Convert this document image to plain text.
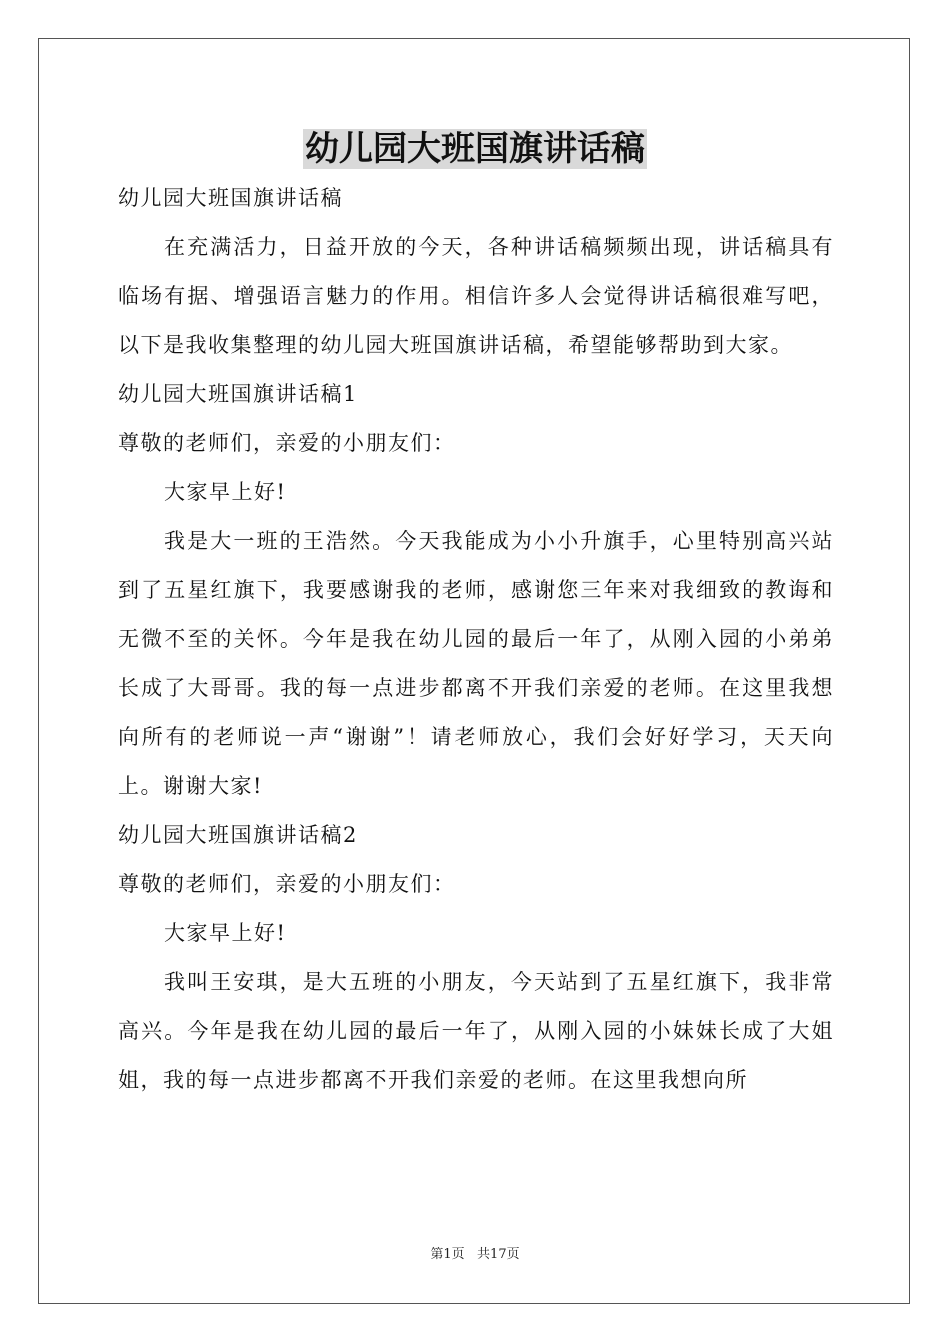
幼儿园大班国旗讲话稿

幼儿园大班国旗讲话稿

在充满活力，日益开放的今天，各种讲话稿频频出现，讲话稿具有临场有据、增强语言魅力的作用。相信许多人会觉得讲话稿很难写吧，以下是我收集整理的幼儿园大班国旗讲话稿，希望能够帮助到大家。

幼儿园大班国旗讲话稿1

尊敬的老师们，亲爱的小朋友们：

大家早上好!

我是大一班的王浩然。今天我能成为小小升旗手，心里特别高兴站到了五星红旗下，我要感谢我的老师，感谢您三年来对我细致的教诲和无微不至的关怀。今年是我在幼儿园的最后一年了，从刚入园的小弟弟长成了大哥哥。我的每一点进步都离不开我们亲爱的老师。在这里我想向所有的老师说一声“谢谢”！请老师放心，我们会好好学习，天天向上。谢谢大家!

幼儿园大班国旗讲话稿2

尊敬的老师们，亲爱的小朋友们：

大家早上好!

我叫王安琪，是大五班的小朋友，今天站到了五星红旗下，我非常高兴。今年是我在幼儿园的最后一年了，从刚入园的小妹妹长成了大姐姐，我的每一点进步都离不开我们亲爱的老师。在这里我想向所

第1页   共17页
